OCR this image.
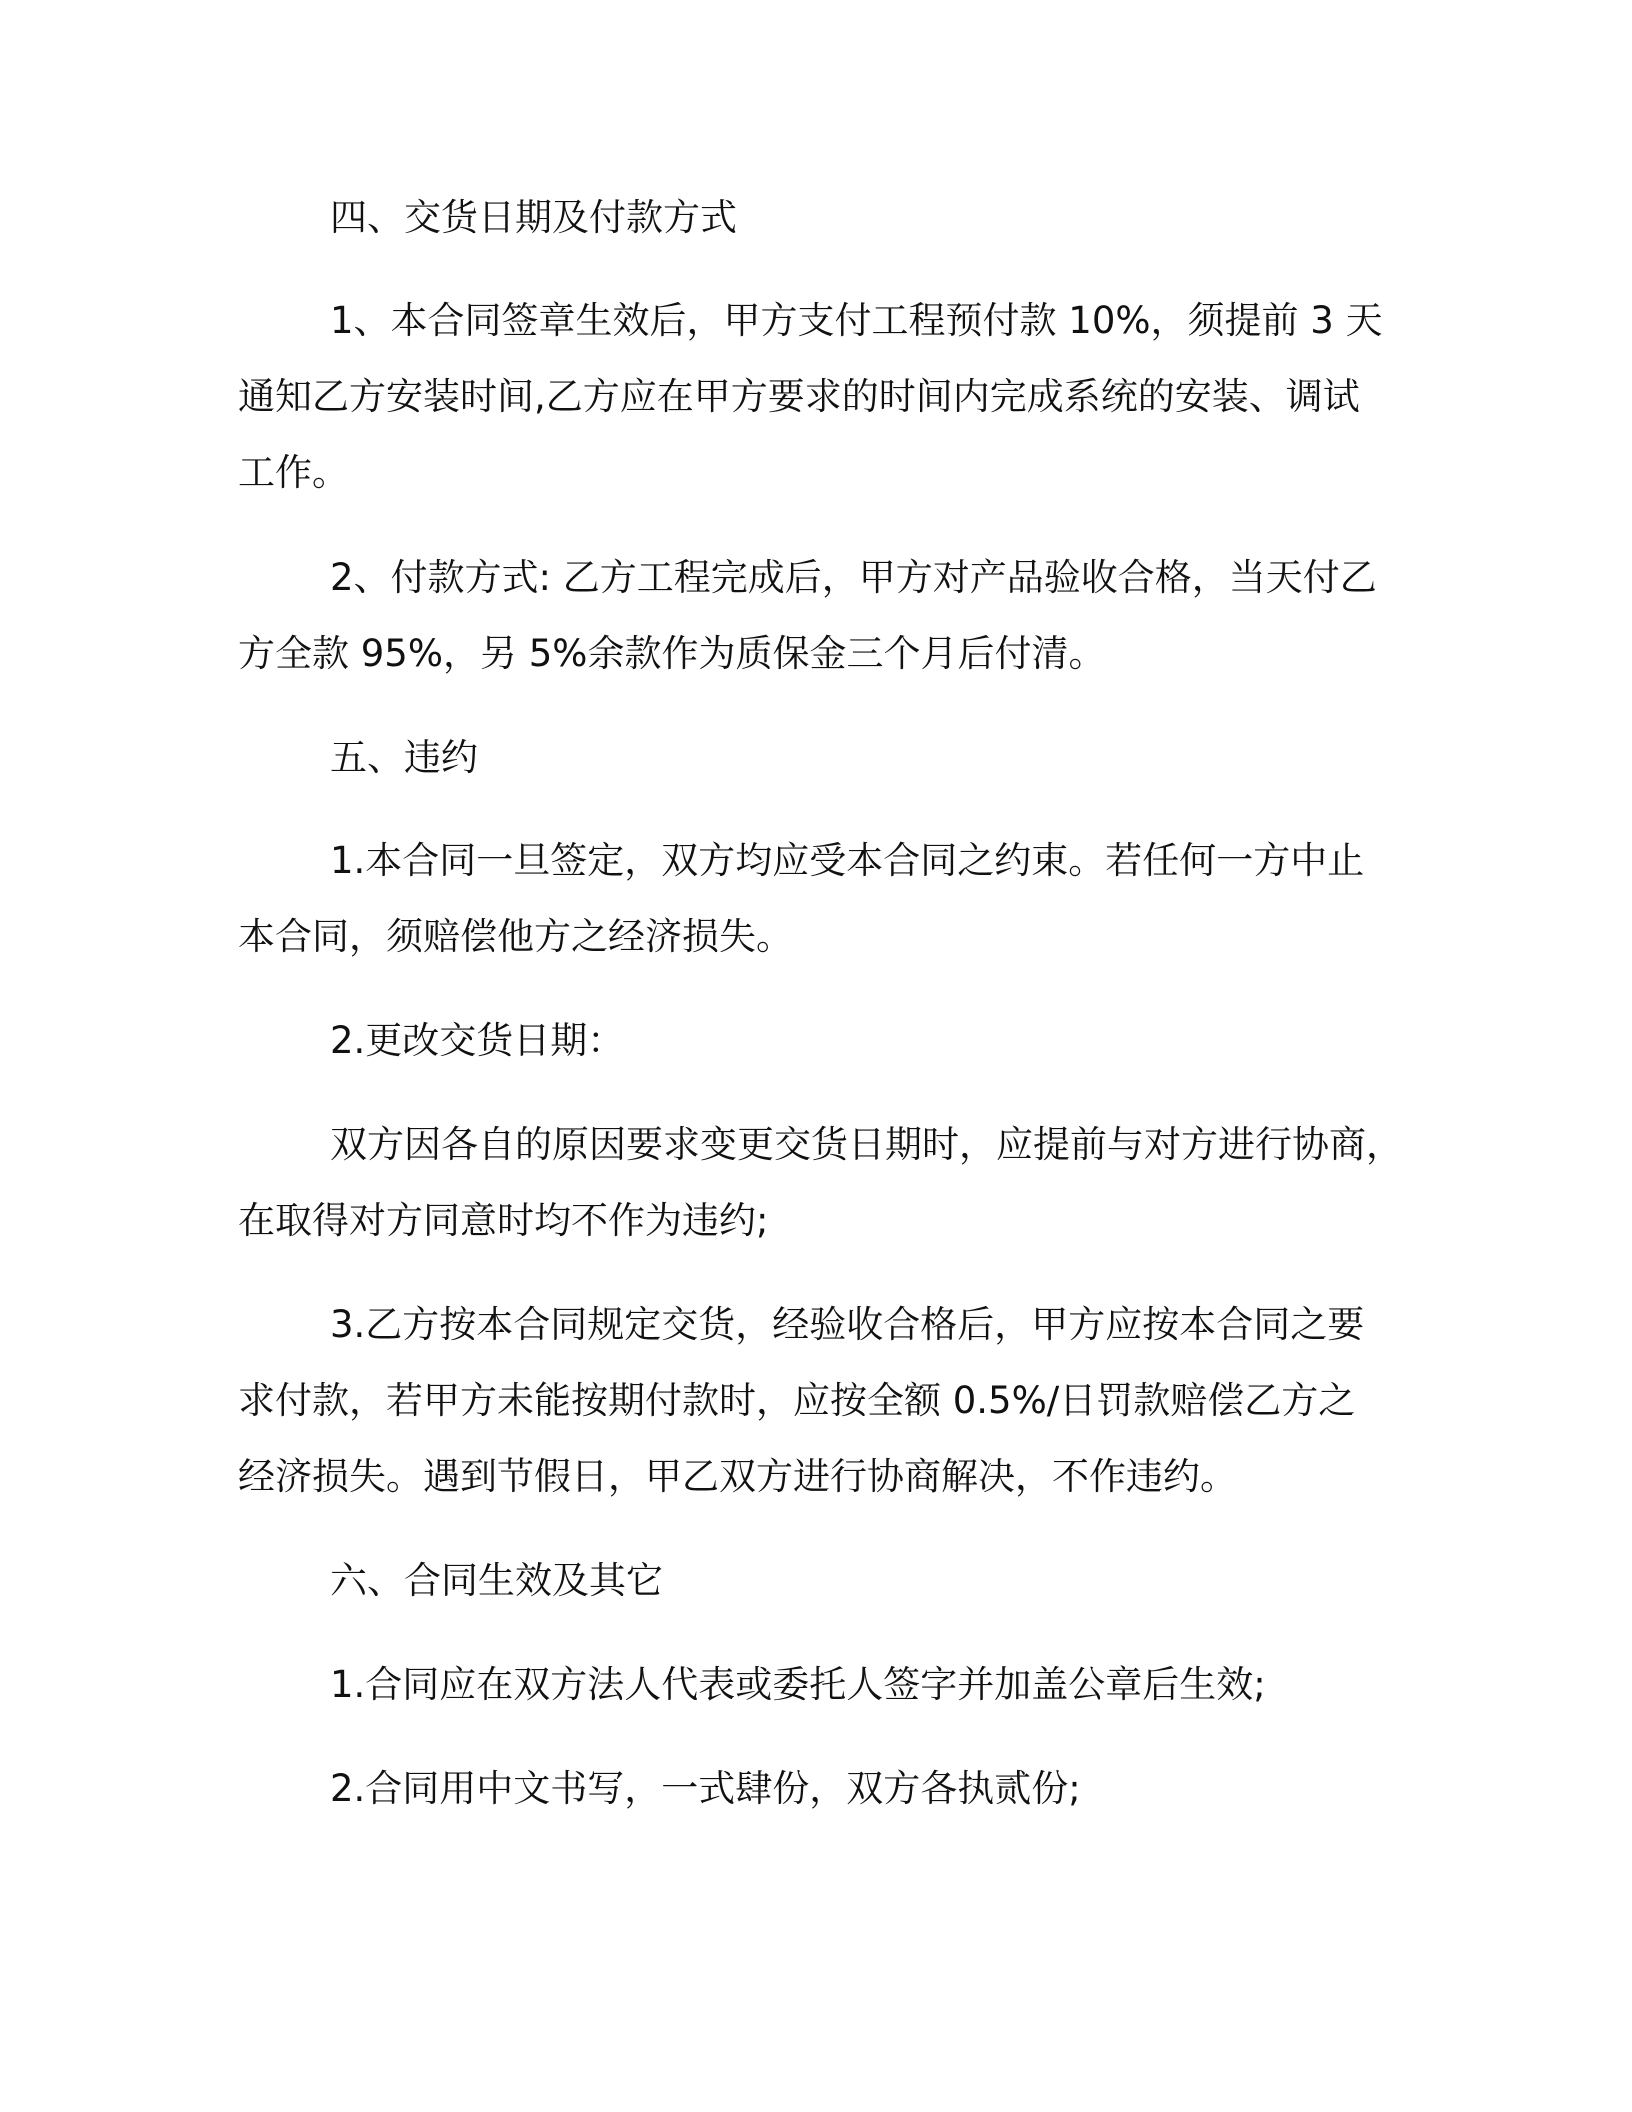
四、交货日期及付款方式

1、本合同签章生效后，甲方支付工程预付款 10%，须提前 3 天

通知乙方安装时间,乙方应在甲方要求的时间内完成系统的安装、调试

工作。

2、付款方式: 乙方工程完成后，甲方对产品验收合格，当天付乙

方全款 95%，另 5%余款作为质保金三个月后付清。

五、违约

1.本合同一旦签定，双方均应受本合同之约束。若任何一方中止

本合同，须赔偿他方之经济损失。

2.更改交货日期：

双方因各自的原因要求变更交货日期时，应提前与对方进行协商，

在取得对方同意时均不作为违约;

3.乙方按本合同规定交货，经验收合格后，甲方应按本合同之要

求付款，若甲方未能按期付款时，应按全额 0.5%/日罚款赔偿乙方之

经济损失。遇到节假日，甲乙双方进行协商解决，不作违约。

六、合同生效及其它

1.合同应在双方法人代表或委托人签字并加盖公章后生效;

2.合同用中文书写，一式肆份，双方各执贰份;
